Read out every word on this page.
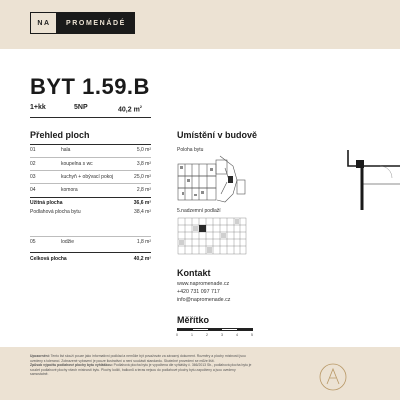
NA	PROMENÁDÉ
BYT 1.59.B
1+kk	5NP	40,2 $m^2$
Přehled ploch
01	hala	5,0 m²
02	koupelna s wc	3,8 m²
03	kuchyň + obývací pokoj	25,0 m²
04	komora	2,8 m²
Užitná plocha	36,6 m²
Podlahová plocha bytu	38,4 m²
05	lodžie	1,8 m²
Celková plocha	40,2 m²
Umístění v budově
Poloha bytu
5.nadzemní podlaží
Kontakt
www.napromenade.cz
+420 731 097 717
info@napromenade.cz
Měřítko
0	1	2	3	4	5

Upozornění: Tento list slouží pouze jako informativní podklad a nemůže být považován za závazný dokument. Rozměry a plochy místností jsou uvedeny s tolerancí. Zobrazené vybavení je pouze ilustrativní a není součástí standardu. Skutečné provedení se může lišit.

Způsob výpočtu podlahové plochy bytu vyhláškou: Podlahová plocha bytu je vypočtena dle vyhlášky č. 366/2013 Sb., podlahová plocha bytu je součet podlahové plochy všech místností bytu. Plochy lodžií, balkonů a teras nejsou do podlahové plochy bytu započteny a jsou uvedeny samostatně.
